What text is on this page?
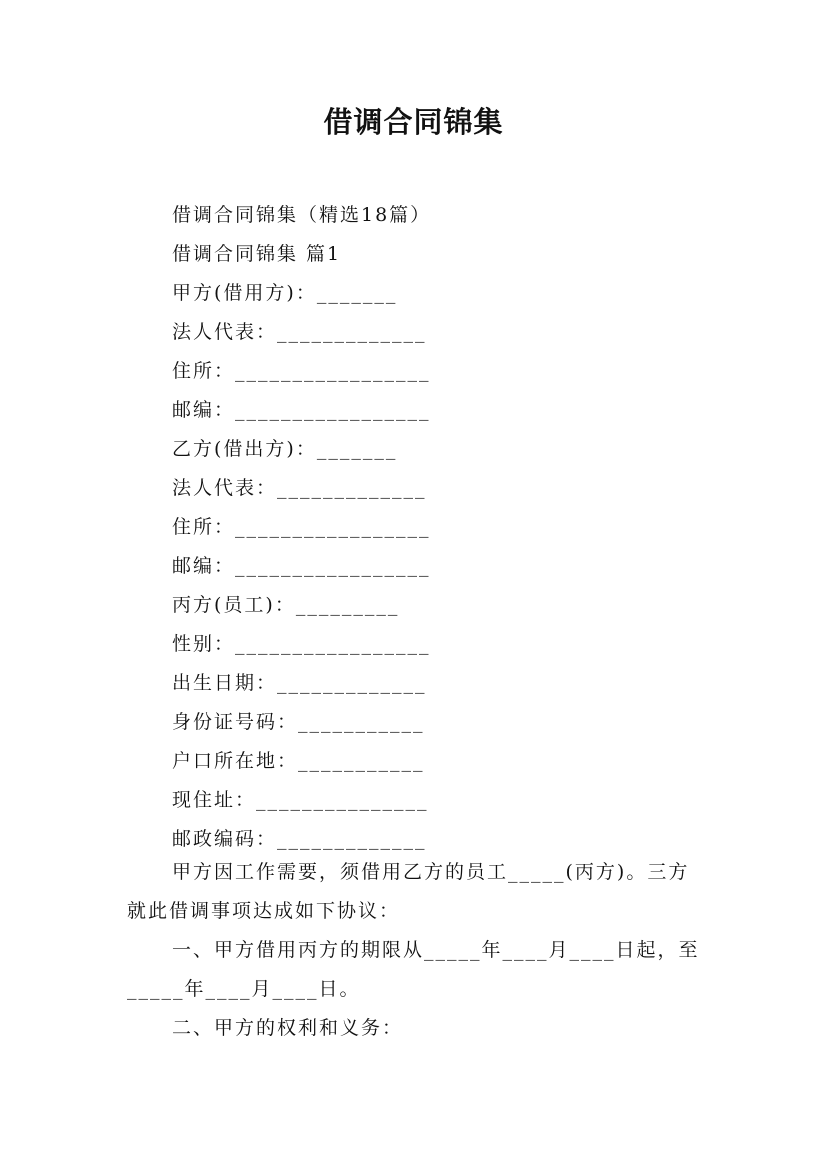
借调合同锦集
借调合同锦集（精选18篇）
借调合同锦集 篇1
甲方(借用方)：_______
法人代表：_____________
住所：_________________
邮编：_________________
乙方(借出方)：_______
法人代表：_____________
住所：_________________
邮编：_________________
丙方(员工)：_________
性别：_________________
出生日期：_____________
身份证号码：___________
户口所在地：___________
现住址：_______________
邮政编码：_____________
甲方因工作需要，须借用乙方的员工_____(丙方)。三方就此借调事项达成如下协议：
一、甲方借用丙方的期限从_____年____月____日起，至_____年____月____日。
二、甲方的权利和义务：
